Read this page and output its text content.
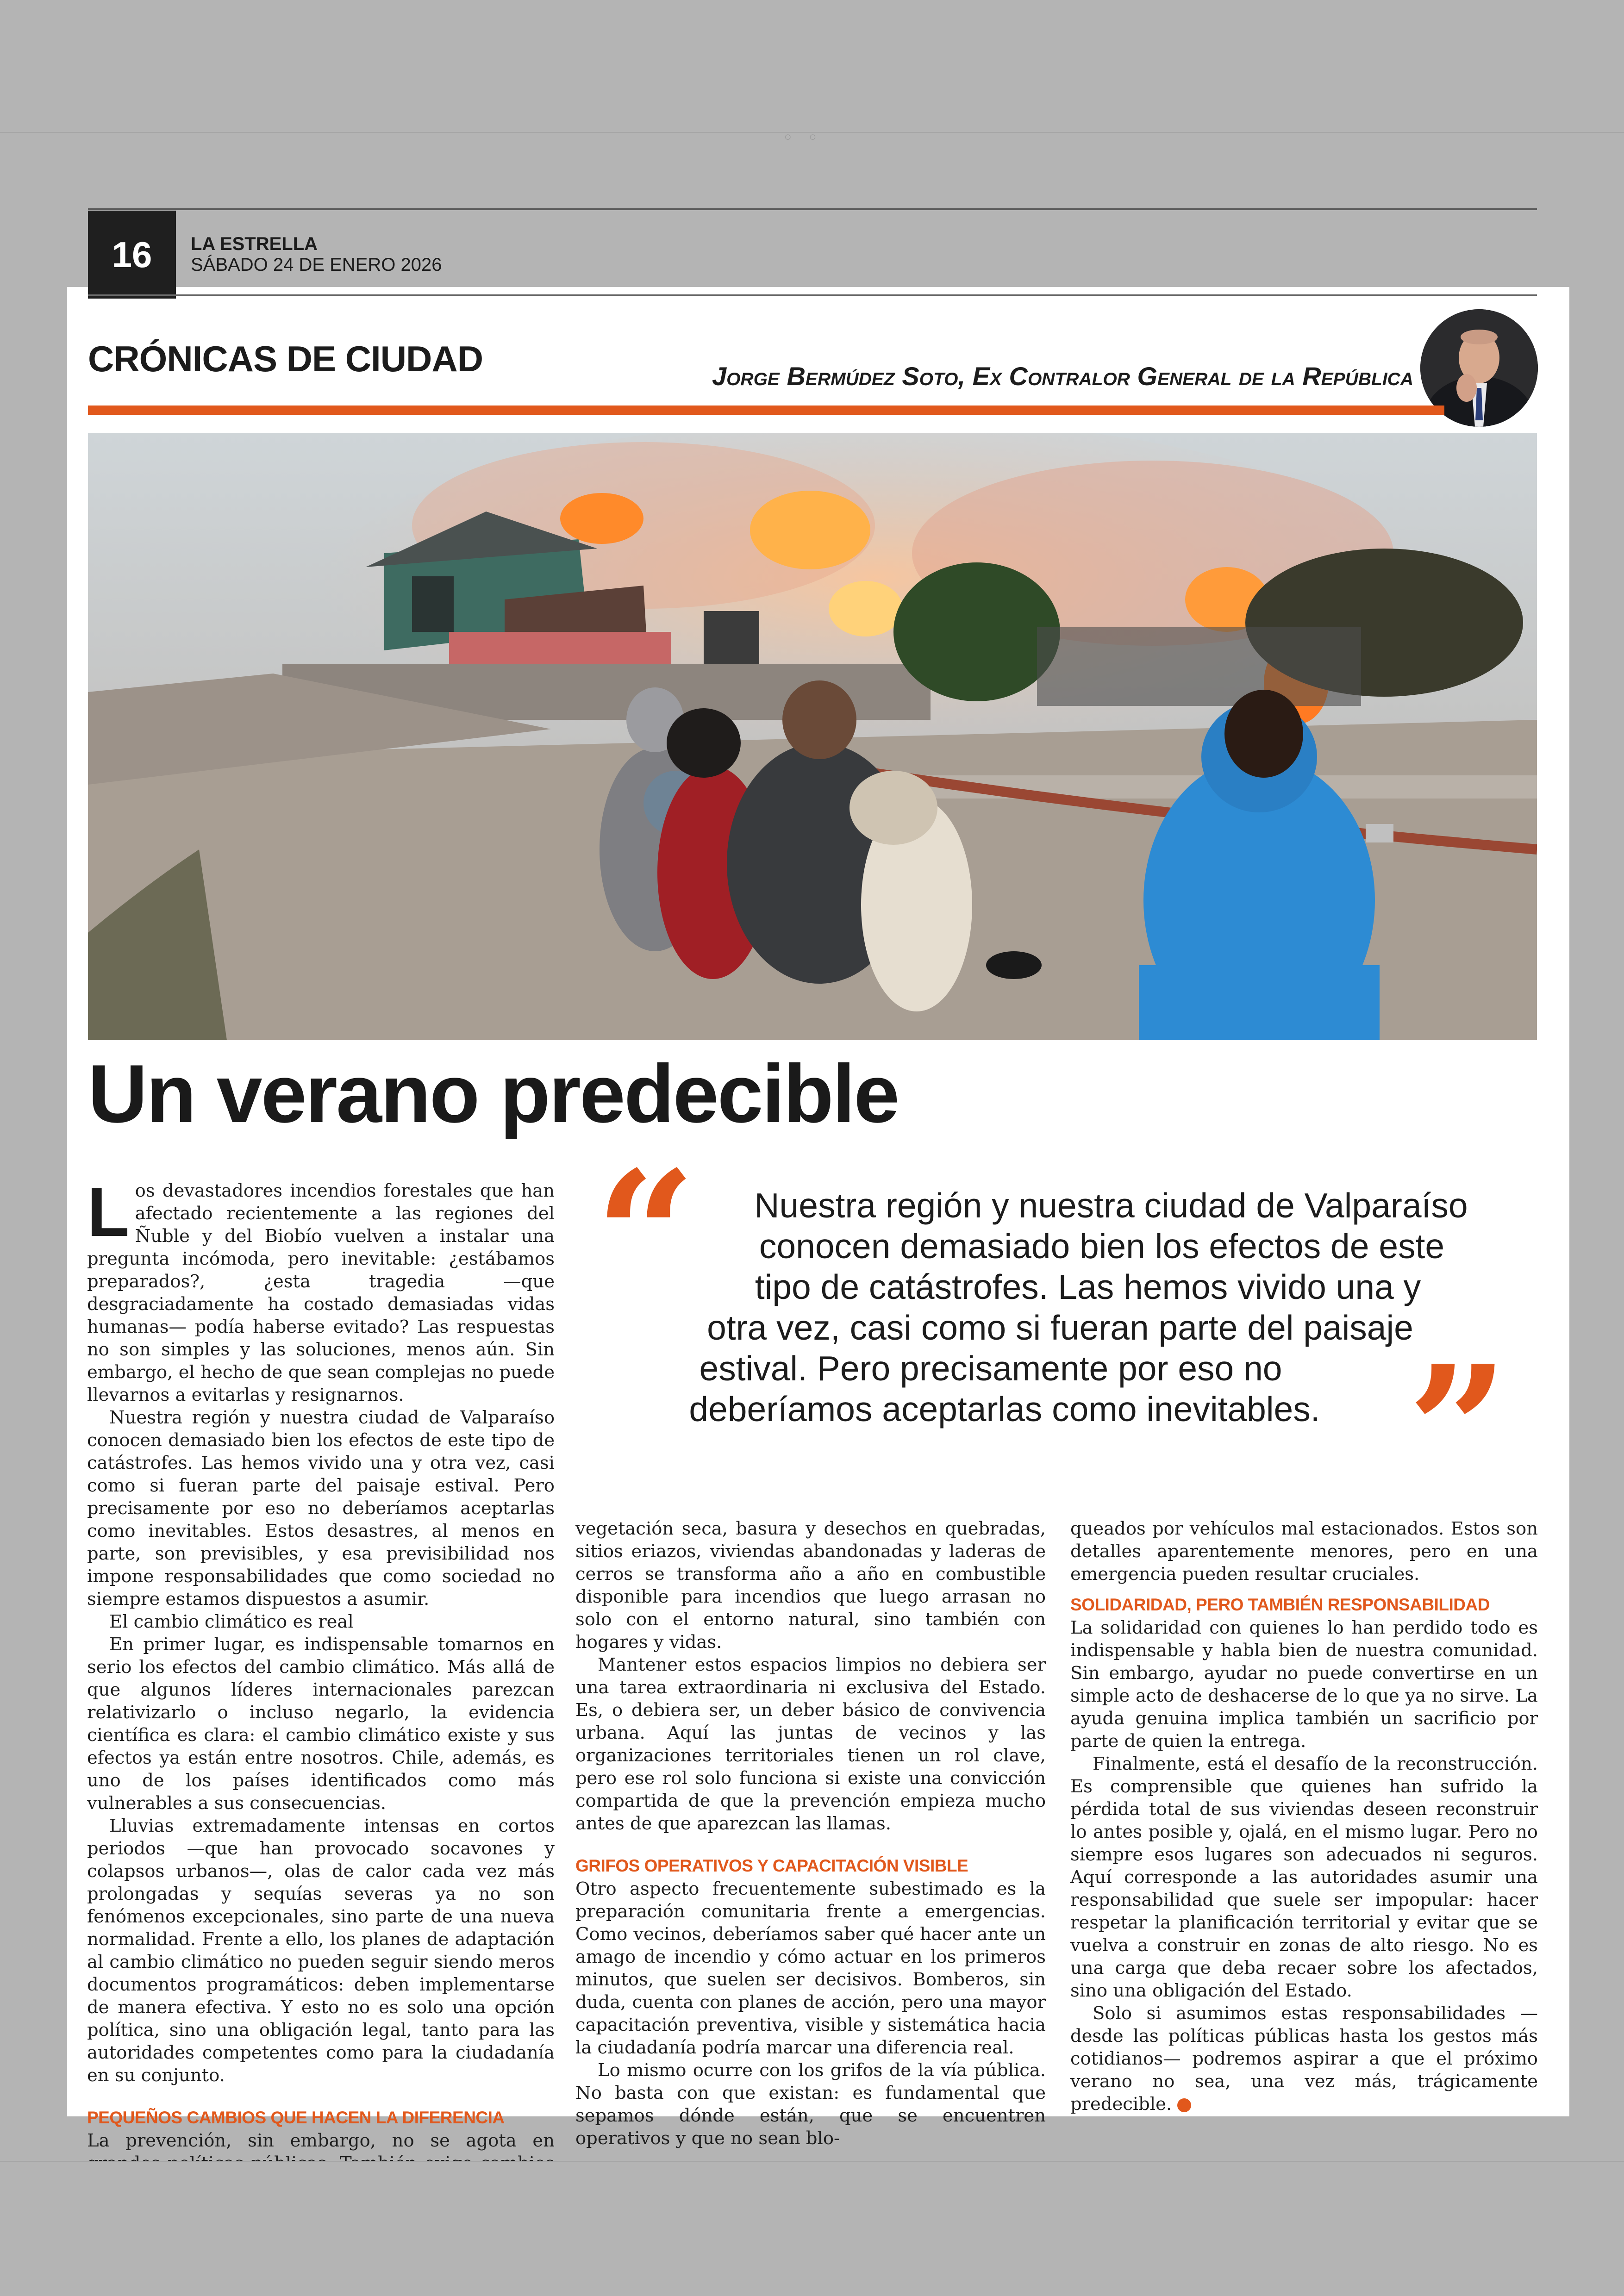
◦◦
16	LA ESTRELLA
SÁBADO 24 DE ENERO 2026
CRÓNICAS DE CIUDAD	Jorge Bermúdez Soto, Ex Contralor General de la República
Un verano predecible
L os devastadores incendios forestales que han afectado recientemente a las regiones del Ñuble y del Biobío vuelven a instalar una pregunta incómoda, pero inevitable: ¿estábamos preparados?, ¿esta tragedia —que desgraciadamente ha costado demasiadas vidas humanas— podía haberse evitado? Las respuestas no son simples y las soluciones, menos aún. Sin embargo, el hecho de que sean complejas no puede llevarnos a evitarlas y resignarnos.

Nuestra región y nuestra ciudad de Valparaíso conocen demasiado bien los efectos de este tipo de catástrofes. Las hemos vivido una y otra vez, casi como si fueran parte del paisaje estival. Pero precisamente por eso no deberíamos aceptarlas como inevitables. Estos desastres, al menos en parte, son previsibles, y esa previsibilidad nos impone responsabilidades que como sociedad no siempre estamos dispuestos a asumir.

El cambio climático es real

En primer lugar, es indispensable tomarnos en serio los efectos del cambio climático. Más allá de que algunos líderes internacionales parezcan relativizarlo o incluso negarlo, la evidencia científica es clara: el cambio climático existe y sus efectos ya están entre nosotros. Chile, además, es uno de los países identificados como más vulnerables a sus consecuencias.

Lluvias extremadamente intensas en cortos periodos —que han provocado socavones y colapsos urbanos—, olas de calor cada vez más prolongadas y sequías severas ya no son fenómenos excepcionales, sino parte de una nueva normalidad. Frente a ello, los planes de adaptación al cambio climático no pueden seguir siendo meros documentos programáticos: deben implementarse de manera efectiva. Y esto no es solo una opción política, sino una obligación legal, tanto para las autoridades competentes como para la ciudadanía en su conjunto.

PEQUEÑOS CAMBIOS QUE HACEN LA DIFERENCIA

La prevención, sin embargo, no se agota en

“	Nuestra región y nuestra ciudad de Valparaíso
conocen demasiado bien los efectos de este
tipo de catástrofes. Las hemos vivido una y
otra vez, casi como si fueran parte del paisaje
estival. Pero precisamente por eso no
deberíamos aceptarlas como inevitables. ”

vegetación seca, basura y desechos en quebradas, sitios eriazos, viviendas abandonadas y laderas de cerros se transforma año a año en combustible disponible para incendios que luego arrasan no solo con el entorno natural, sino también con hogares y vidas.

Mantener estos espacios limpios no debiera ser una tarea extraordinaria ni exclusiva del Estado. Es, o debiera ser, un deber básico de convivencia urbana. Aquí las juntas de vecinos y las organizaciones territoriales tienen un rol clave, pero ese rol solo funciona si existe una convicción compartida de que la prevención empieza mucho antes de que aparezcan las llamas.

GRIFOS OPERATIVOS Y CAPACITACIÓN VISIBLE

Otro aspecto frecuentemente subestimado es la preparación comunitaria frente a emergencias. Como vecinos, deberíamos saber qué hacer ante un amago de incendio y cómo actuar en los primeros minutos, que suelen ser decisivos. Bomberos, sin duda, cuenta con planes de acción, pero una mayor capacitación preventiva, visible y sistemática hacia la ciudadanía podría marcar una diferencia real.

Lo mismo ocurre con los grifos de la vía pública. No basta con que existan: es fundamental que sepamos dónde están, que se encuentren operativos y que no sean blo-

queados por vehículos mal estacionados. Estos son detalles aparentemente menores, pero en una emergencia pueden resultar cruciales.

SOLIDARIDAD, PERO TAMBIÉN RESPONSABILIDAD

La solidaridad con quienes lo han perdido todo es indispensable y habla bien de nuestra comunidad. Sin embargo, ayudar no puede convertirse en un simple acto de deshacerse de lo que ya no sirve. La ayuda genuina implica también un sacrificio por parte de quien la entrega.

Finalmente, está el desafío de la reconstrucción. Es comprensible que quienes han sufrido la pérdida total de sus viviendas deseen reconstruir lo antes posible y, ojalá, en el mismo lugar. Pero no siempre esos lugares son adecuados ni seguros. Aquí corresponde a las autoridades asumir una responsabilidad que suele ser impopular: hacer respetar la planificación territorial y evitar que se vuelva a construir en zonas de alto riesgo. No es una carga que deba recaer sobre los afectados, sino una obligación del Estado.

Solo si asumimos estas responsabilidades —desde las políticas públicas hasta los gestos más cotidianos— podremos aspirar a que el próximo verano no sea, una vez más, trágicamente predecible.	✪
